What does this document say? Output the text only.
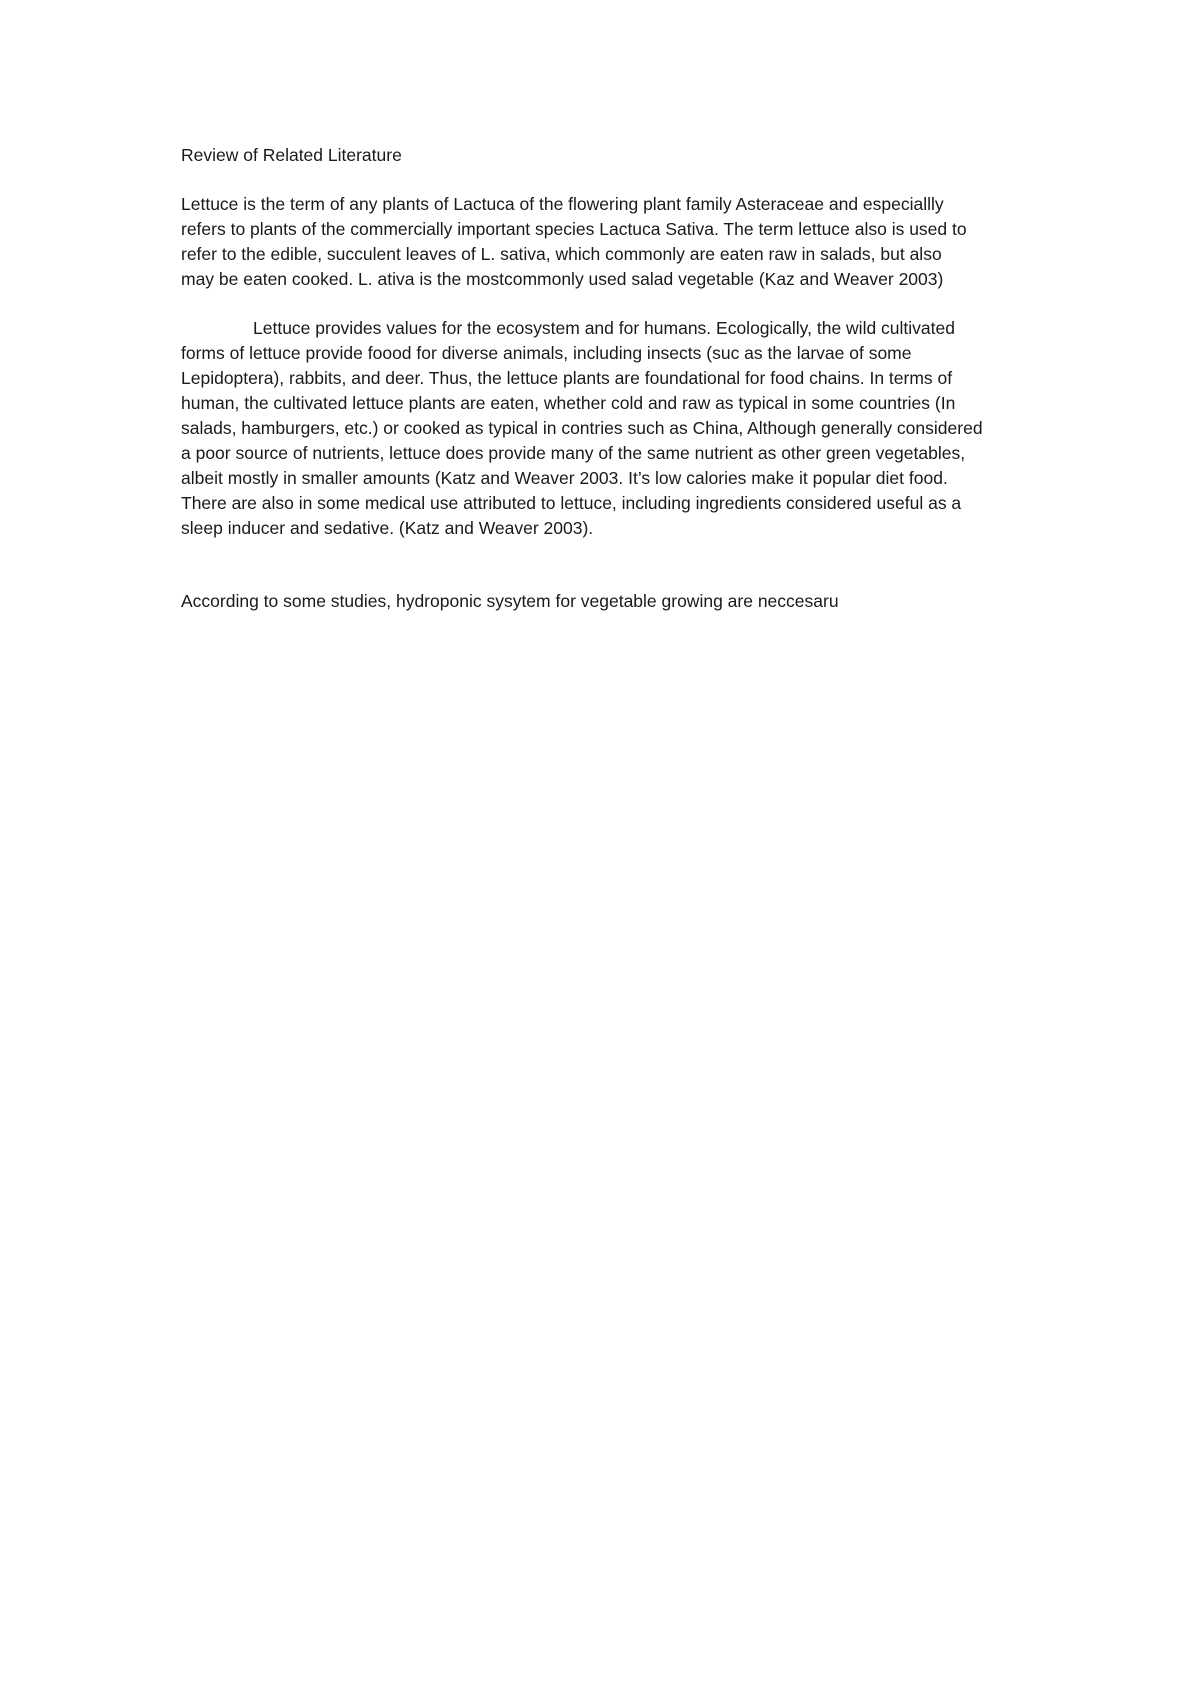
Review of Related Literature

Lettuce is the term of any plants of Lactuca of the flowering plant family Asteraceae and especiallly
refers to plants of the commercially important species Lactuca Sativa. The term lettuce also is used to
refer to the edible, succulent leaves of L. sativa, which commonly are eaten raw in salads, but also
may be eaten cooked. L. ativa is the mostcommonly used salad vegetable (Kaz and Weaver 2003)

Lettuce provides values for the ecosystem and for humans. Ecologically, the wild cultivated
forms of lettuce provide foood for diverse animals, including insects (suc as the larvae of some
Lepidoptera), rabbits, and deer. Thus, the lettuce plants are foundational for food chains. In terms of
human, the cultivated lettuce plants are eaten, whether cold and raw as typical in some countries (In
salads, hamburgers, etc.) or cooked as typical in contries such as China, Although generally considered
a poor source of nutrients, lettuce does provide many of the same nutrient as other green vegetables,
albeit mostly in smaller amounts (Katz and Weaver 2003. It’s low calories make it popular diet food.
There are also in some medical use attributed to lettuce, including ingredients considered useful as a
sleep inducer and sedative. (Katz and Weaver 2003).

According to some studies, hydroponic sysytem for vegetable growing are neccesaru
